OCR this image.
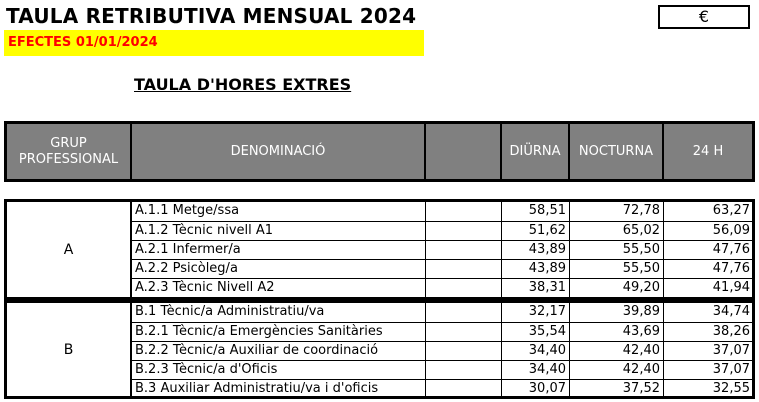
TAULA RETRIBUTIVA MENSUAL 2024	€
EFECTES 01/01/2024
TAULA D'HORES EXTRES
GRUP PROFESSIONAL
DENOMINACIÓ	DIÜRNA	NOCTURNA	24 H
A
A.1.1 Metge/ssa	58,51	72,78	63,27
A.1.2 Tècnic nivell A1	51,62	65,02	56,09
A.2.1 Infermer/a	43,89	55,50	47,76
A.2.2 Psicòleg/a	43,89	55,50	47,76
A.2.3 Tècnic Nivell A2	38,31	49,20	41,94
B
B.1 Tècnic/a Administratiu/va	32,17	39,89	34,74
B.2.1 Tècnic/a Emergències Sanitàries	35,54	43,69	38,26
B.2.2 Tècnic/a Auxiliar de coordinació	34,40	42,40	37,07
B.2.3 Tècnic/a d'Oficis	34,40	42,40	37,07
B.3 Auxiliar Administratiu/va i d'oficis	30,07	37,52	32,55
